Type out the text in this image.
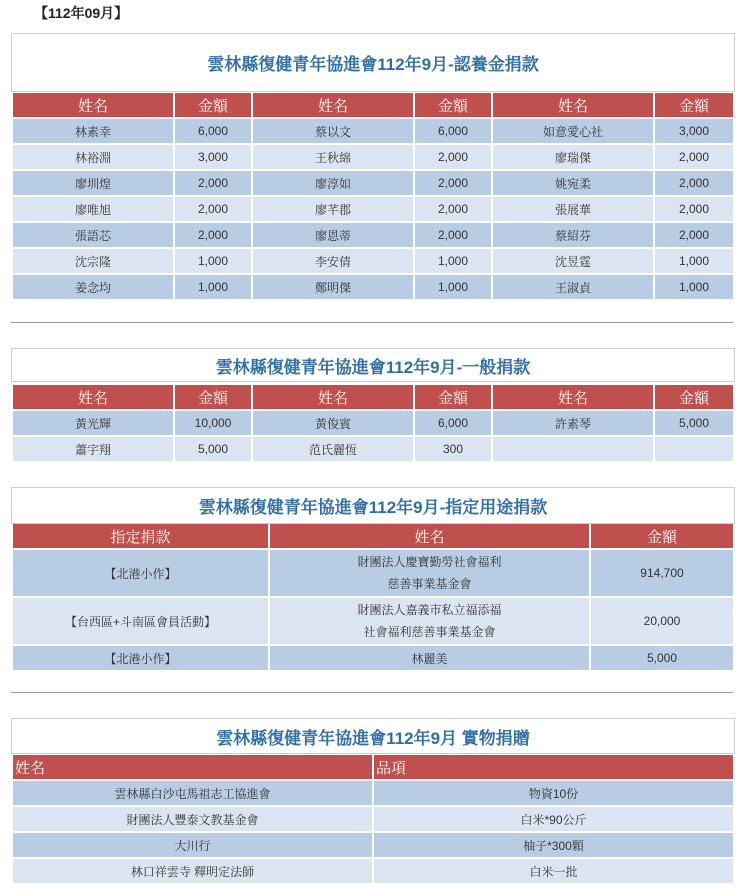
【112年09月】
雲林縣復健青年協進會112年9月-認養金捐款
姓名	金額	姓名	金額	姓名	金額
林素幸	6,000	蔡以文	6,000	如意愛心社	3,000
林裕淵	3,000	王秋綿	2,000	廖瑞傑	2,000
廖圳煌	2,000	廖淳如	2,000	姚宛柔	2,000
廖唯旭	2,000	廖芊郡	2,000	張展華	2,000
張語芯	2,000	廖恩蒂	2,000	蔡紹芬	2,000
沈宗隆	1,000	李安倩	1,000	沈昱霆	1,000
姜念均	1,000	鄭明傑	1,000	王淑貞	1,000
雲林縣復健青年協進會112年9月-一般捐款
姓名	金額	姓名	金額	姓名	金額
黃光輝	10,000	黃俊賓	6,000	許素琴	5,000
蕭宇翔	5,000	范氏麗恆	300		
雲林縣復健青年協進會112年9月-指定用途捐款
指定捐款	姓名	金額
【北港小作】	財團法人慶寶勤勞社會福利
慈善事業基金會	914,700
【台西區+斗南區會員活動】	財團法人嘉義市私立福添福
社會福利慈善事業基金會	20,000
【北港小作】	林麗美	5,000
雲林縣復健青年協進會112年9月 實物捐贈
姓名	品項
雲林縣白沙屯馬祖志工協進會	物資10份
財團法人豐泰文教基金會	白米*90公斤
大川行	柚子*300顆
林口祥雲寺 釋明定法師	白米一批
